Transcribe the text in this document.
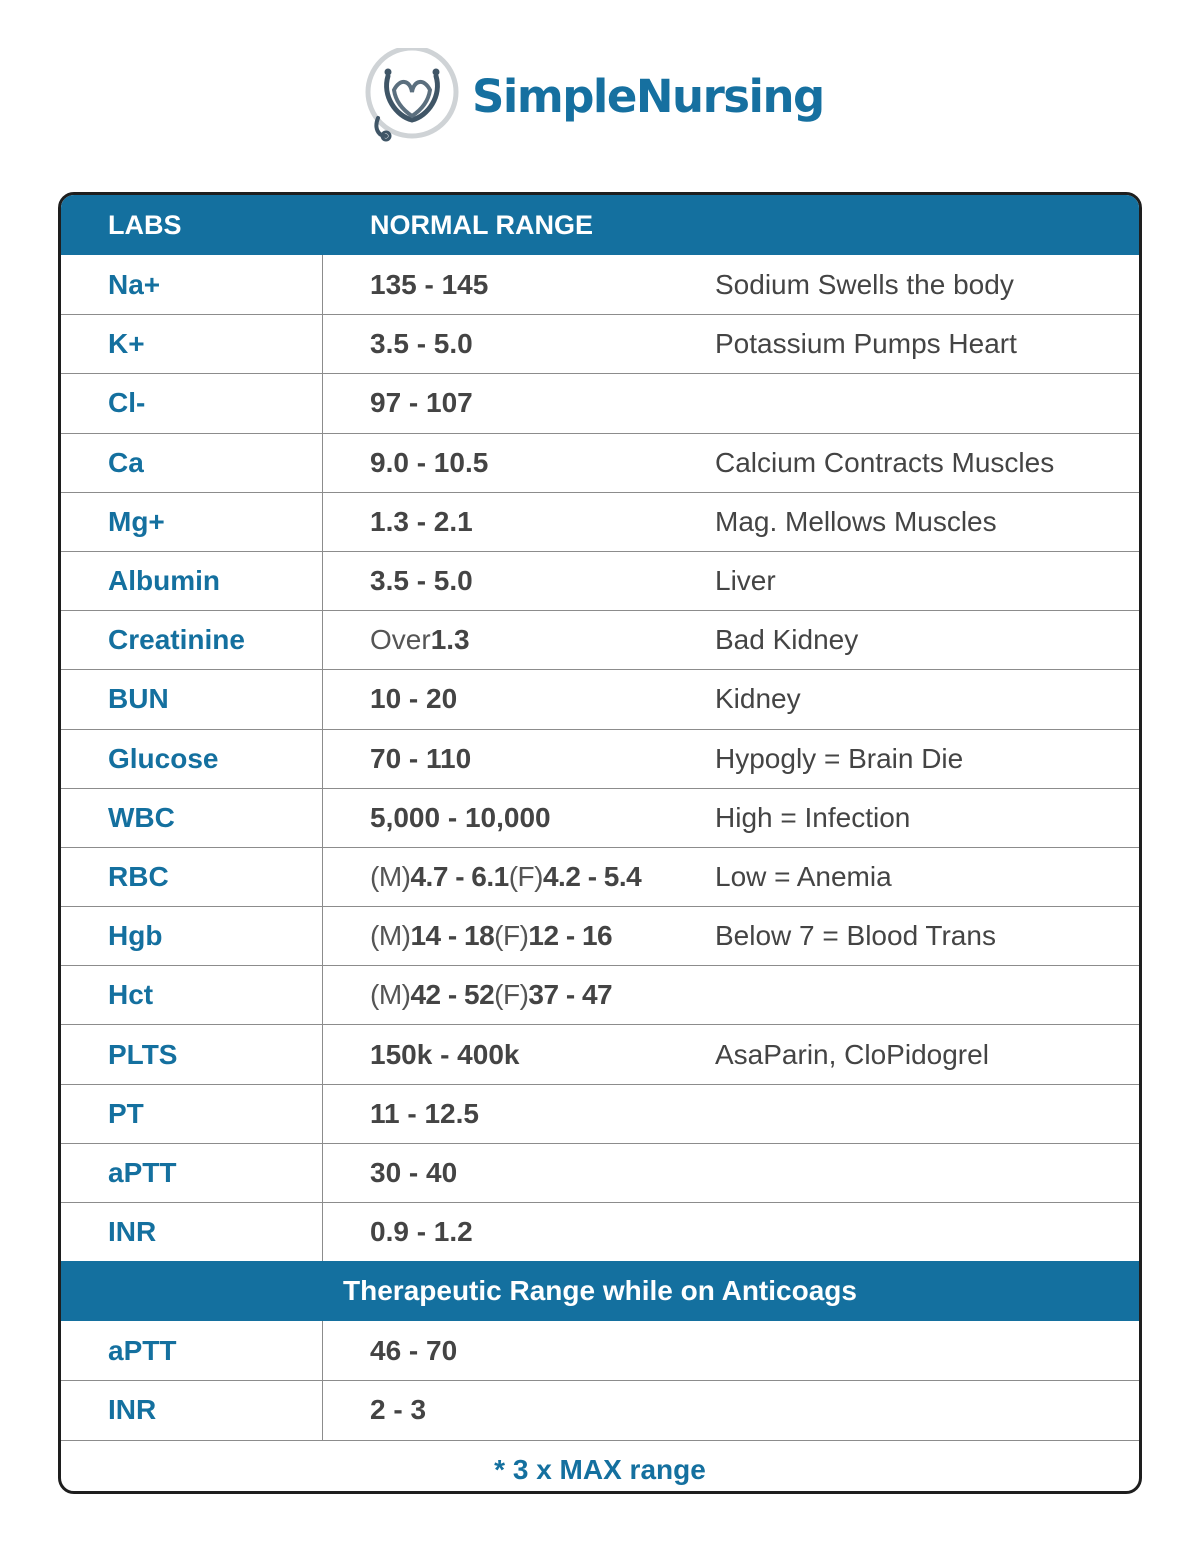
SimpleNursing
LABS	NORMAL RANGE
Na+	135 - 145	Sodium Swells the body
K+	3.5 - 5.0	Potassium Pumps Heart
Cl-	97 - 107
Ca	9.0 - 10.5	Calcium Contracts Muscles
Mg+	1.3 - 2.1	Mag. Mellows Muscles
Albumin	3.5 - 5.0	Liver
Creatinine	Over 1.3	Bad Kidney
BUN	10 - 20	Kidney
Glucose	70 - 110	Hypogly = Brain Die
WBC	5,000 - 10,000	High = Infection
RBC	(M) 4.7 - 6.1 (F) 4.2 - 5.4	Low = Anemia
Hgb	(M) 14 - 18 (F) 12 - 16	Below 7 = Blood Trans
Hct	(M) 42 - 52 (F) 37 - 47
PLTS	150k - 400k	AsaParin, CloPidogrel
PT	11 - 12.5
aPTT	30 - 40
INR	0.9 - 1.2
Therapeutic Range while on Anticoags
aPTT	46 - 70
INR	2 - 3
* 3 x MAX range
